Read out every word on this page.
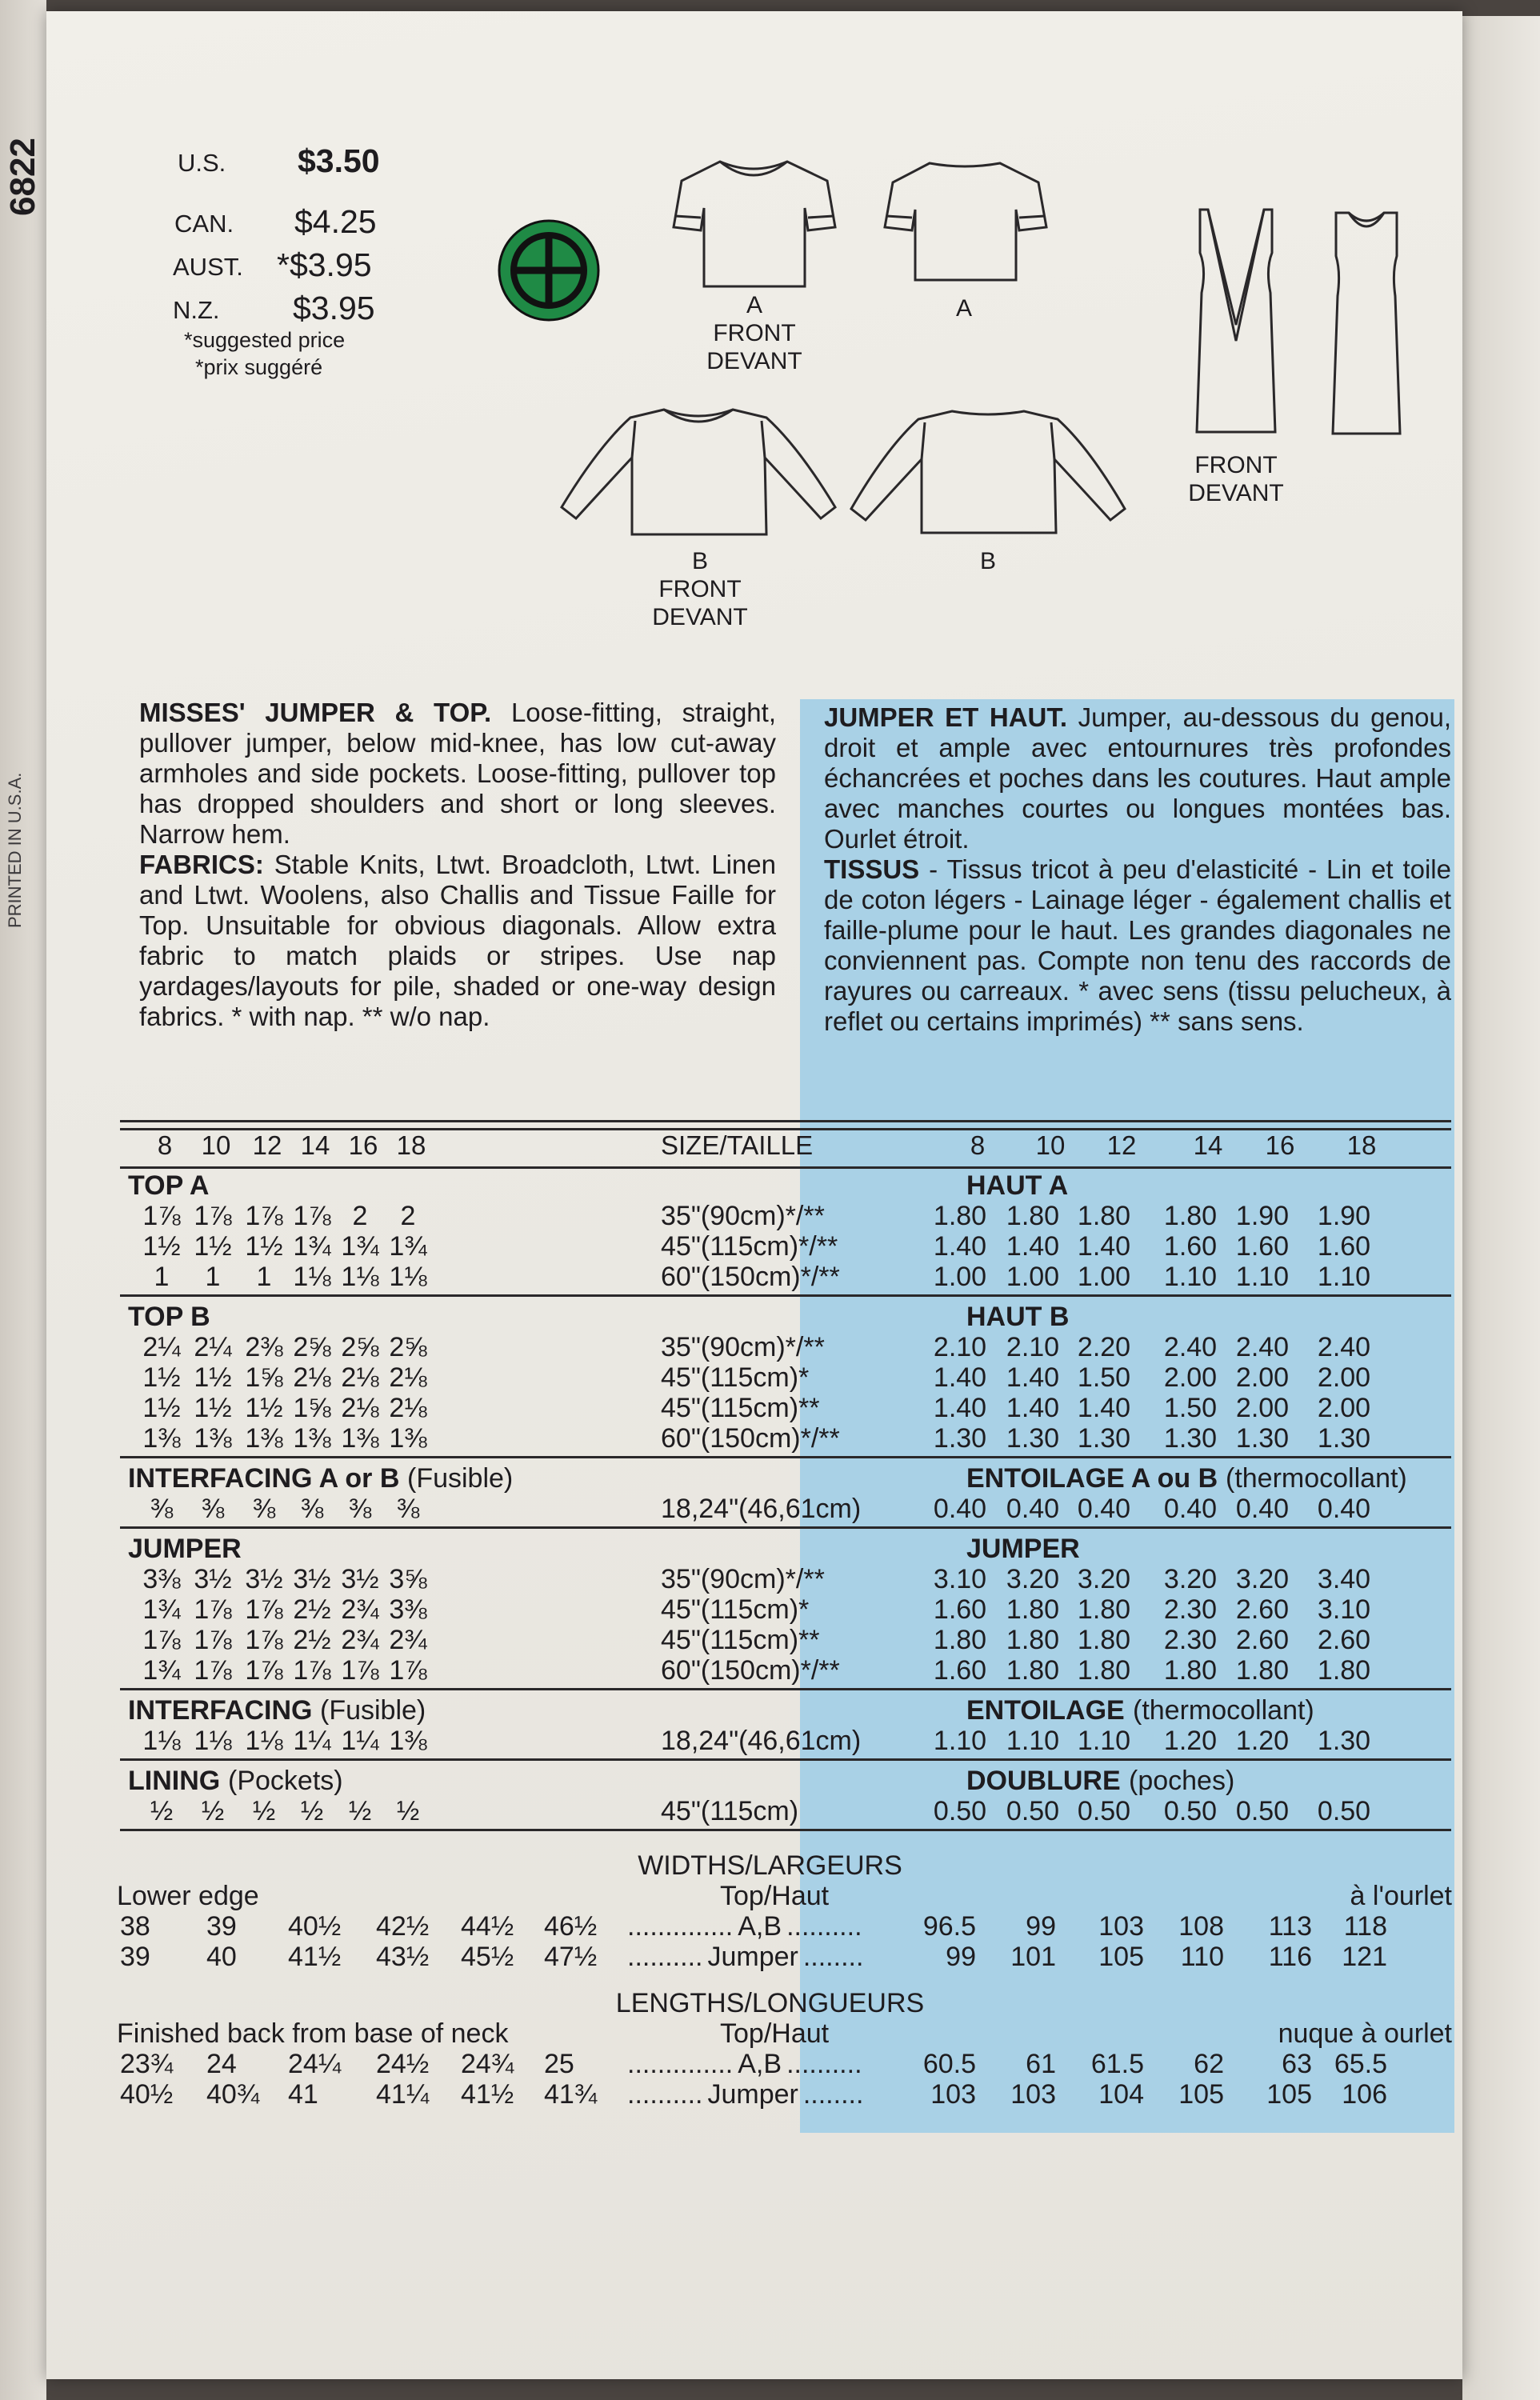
6822
PRINTED IN U.S.A.
U.S. $3.50
CAN. $4.25
AUST. *$3.95
N.Z. $3.95
*suggested price
*prix suggéré
A
FRONT
DEVANT
A
B
FRONT
DEVANT
B
FRONT
DEVANT
MISSES' JUMPER & TOP. Loose-fitting, straight, pullover jumper, below mid-knee, has low cut-away armholes and side pockets. Loose-fitting, pullover top has dropped shoulders and short or long sleeves. Narrow hem.
FABRICS: Stable Knits, Ltwt. Broadcloth, Ltwt. Linen and Ltwt. Woolens, also Challis and Tissue Faille for Top. Unsuitable for obvious diagonals. Allow extra fabric to match plaids or stripes. Use nap yardages/layouts for pile, shaded or one-way design fabrics. * with nap. ** w/o nap.
JUMPER ET HAUT. Jumper, au-dessous du genou, droit et ample avec entournures très profondes échancrées et poches dans les coutures. Haut ample avec manches courtes ou longues montées bas. Ourlet étroit.
TISSUS - Tissus tricot à peu d'elasticité - Lin et toile de coton légers - Lainage léger - également challis et faille-plume pour le haut. Les grandes diagonales ne conviennent pas. Compte non tenu des raccords de rayures ou carreaux. * avec sens (tissu pelucheux, à reflet ou certains imprimés) ** sans sens.
8	10 12 14 16 18	SIZE/TAILLE	8	10	12	14	16	18
TOP A	HAUT A
1⅞ 1⅞ 1⅞ 1⅞ 2	2	35"(90cm)*/**	1.80 1.80 1.80	1.80 1.90	1.90
1½ 1½ 1½ 1¾ 1¾ 1¾	45"(115cm)*/**	1.40 1.40 1.40	1.60 1.60	1.60
1	1	1 1⅛ 1⅛ 1⅛	60"(150cm)*/**	1.00 1.00 1.00	1.10 1.10	1.10
TOP B	HAUT B
2¼ 2¼ 2⅜ 2⅝ 2⅝ 2⅝	35"(90cm)*/**	2.10 2.10 2.20	2.40 2.40	2.40
1½ 1½ 1⅝ 2⅛ 2⅛ 2⅛	45"(115cm)*	1.40 1.40 1.50	2.00 2.00	2.00
1½ 1½ 1½ 1⅝ 2⅛ 2⅛	45"(115cm)**	1.40 1.40 1.40	1.50 2.00	2.00
1⅜ 1⅜ 1⅜ 1⅜ 1⅜ 1⅜	60"(150cm)*/**	1.30 1.30 1.30	1.30 1.30	1.30
INTERFACING A or B (Fusible)	ENTOILAGE A ou B (thermocollant)
⅜	⅜	⅜ ⅜ ⅜ ⅜	18,24"(46,61cm)	0.40 0.40 0.40	0.40 0.40	0.40
JUMPER	JUMPER
3⅜ 3½ 3½ 3½ 3½ 3⅝	35"(90cm)*/**	3.10 3.20 3.20	3.20 3.20	3.40
1¾ 1⅞ 1⅞ 2½ 2¾ 3⅜	45"(115cm)*	1.60 1.80 1.80	2.30 2.60	3.10
1⅞ 1⅞ 1⅞ 2½ 2¾ 2¾	45"(115cm)**	1.80 1.80 1.80	2.30 2.60	2.60
1¾ 1⅞ 1⅞ 1⅞ 1⅞ 1⅞	60"(150cm)*/**	1.60 1.80 1.80	1.80 1.80	1.80
INTERFACING (Fusible)	ENTOILAGE (thermocollant)
1⅛ 1⅛ 1⅛ 1¼ 1¼ 1⅜	18,24"(46,61cm)	1.10 1.10 1.10	1.20 1.20	1.30
LINING (Pockets)	DOUBLURE (poches)
½	½	½ ½ ½ ½	45"(115cm)	0.50 0.50 0.50	0.50 0.50	0.50
WIDTHS/LARGEURS
Lower edge	Top/Haut	à l'ourlet
38	39	40½	42½	44½	46½	.............. A,B ..........	96.5	99	103	108	113	118
39	40	41½	43½	45½	47½	.......... Jumper ........	99	101	105	110	116	121
LENGTHS/LONGUEURS
Finished back from base of neck	Top/Haut	nuque à ourlet
23¾	24	24¼	24½	24¾	25	.............. A,B ..........	60.5	61	61.5	62	63 65.5
40½	40¾	41	41¼	41½	41¾	.......... Jumper ........	103	103	104	105	105	106
